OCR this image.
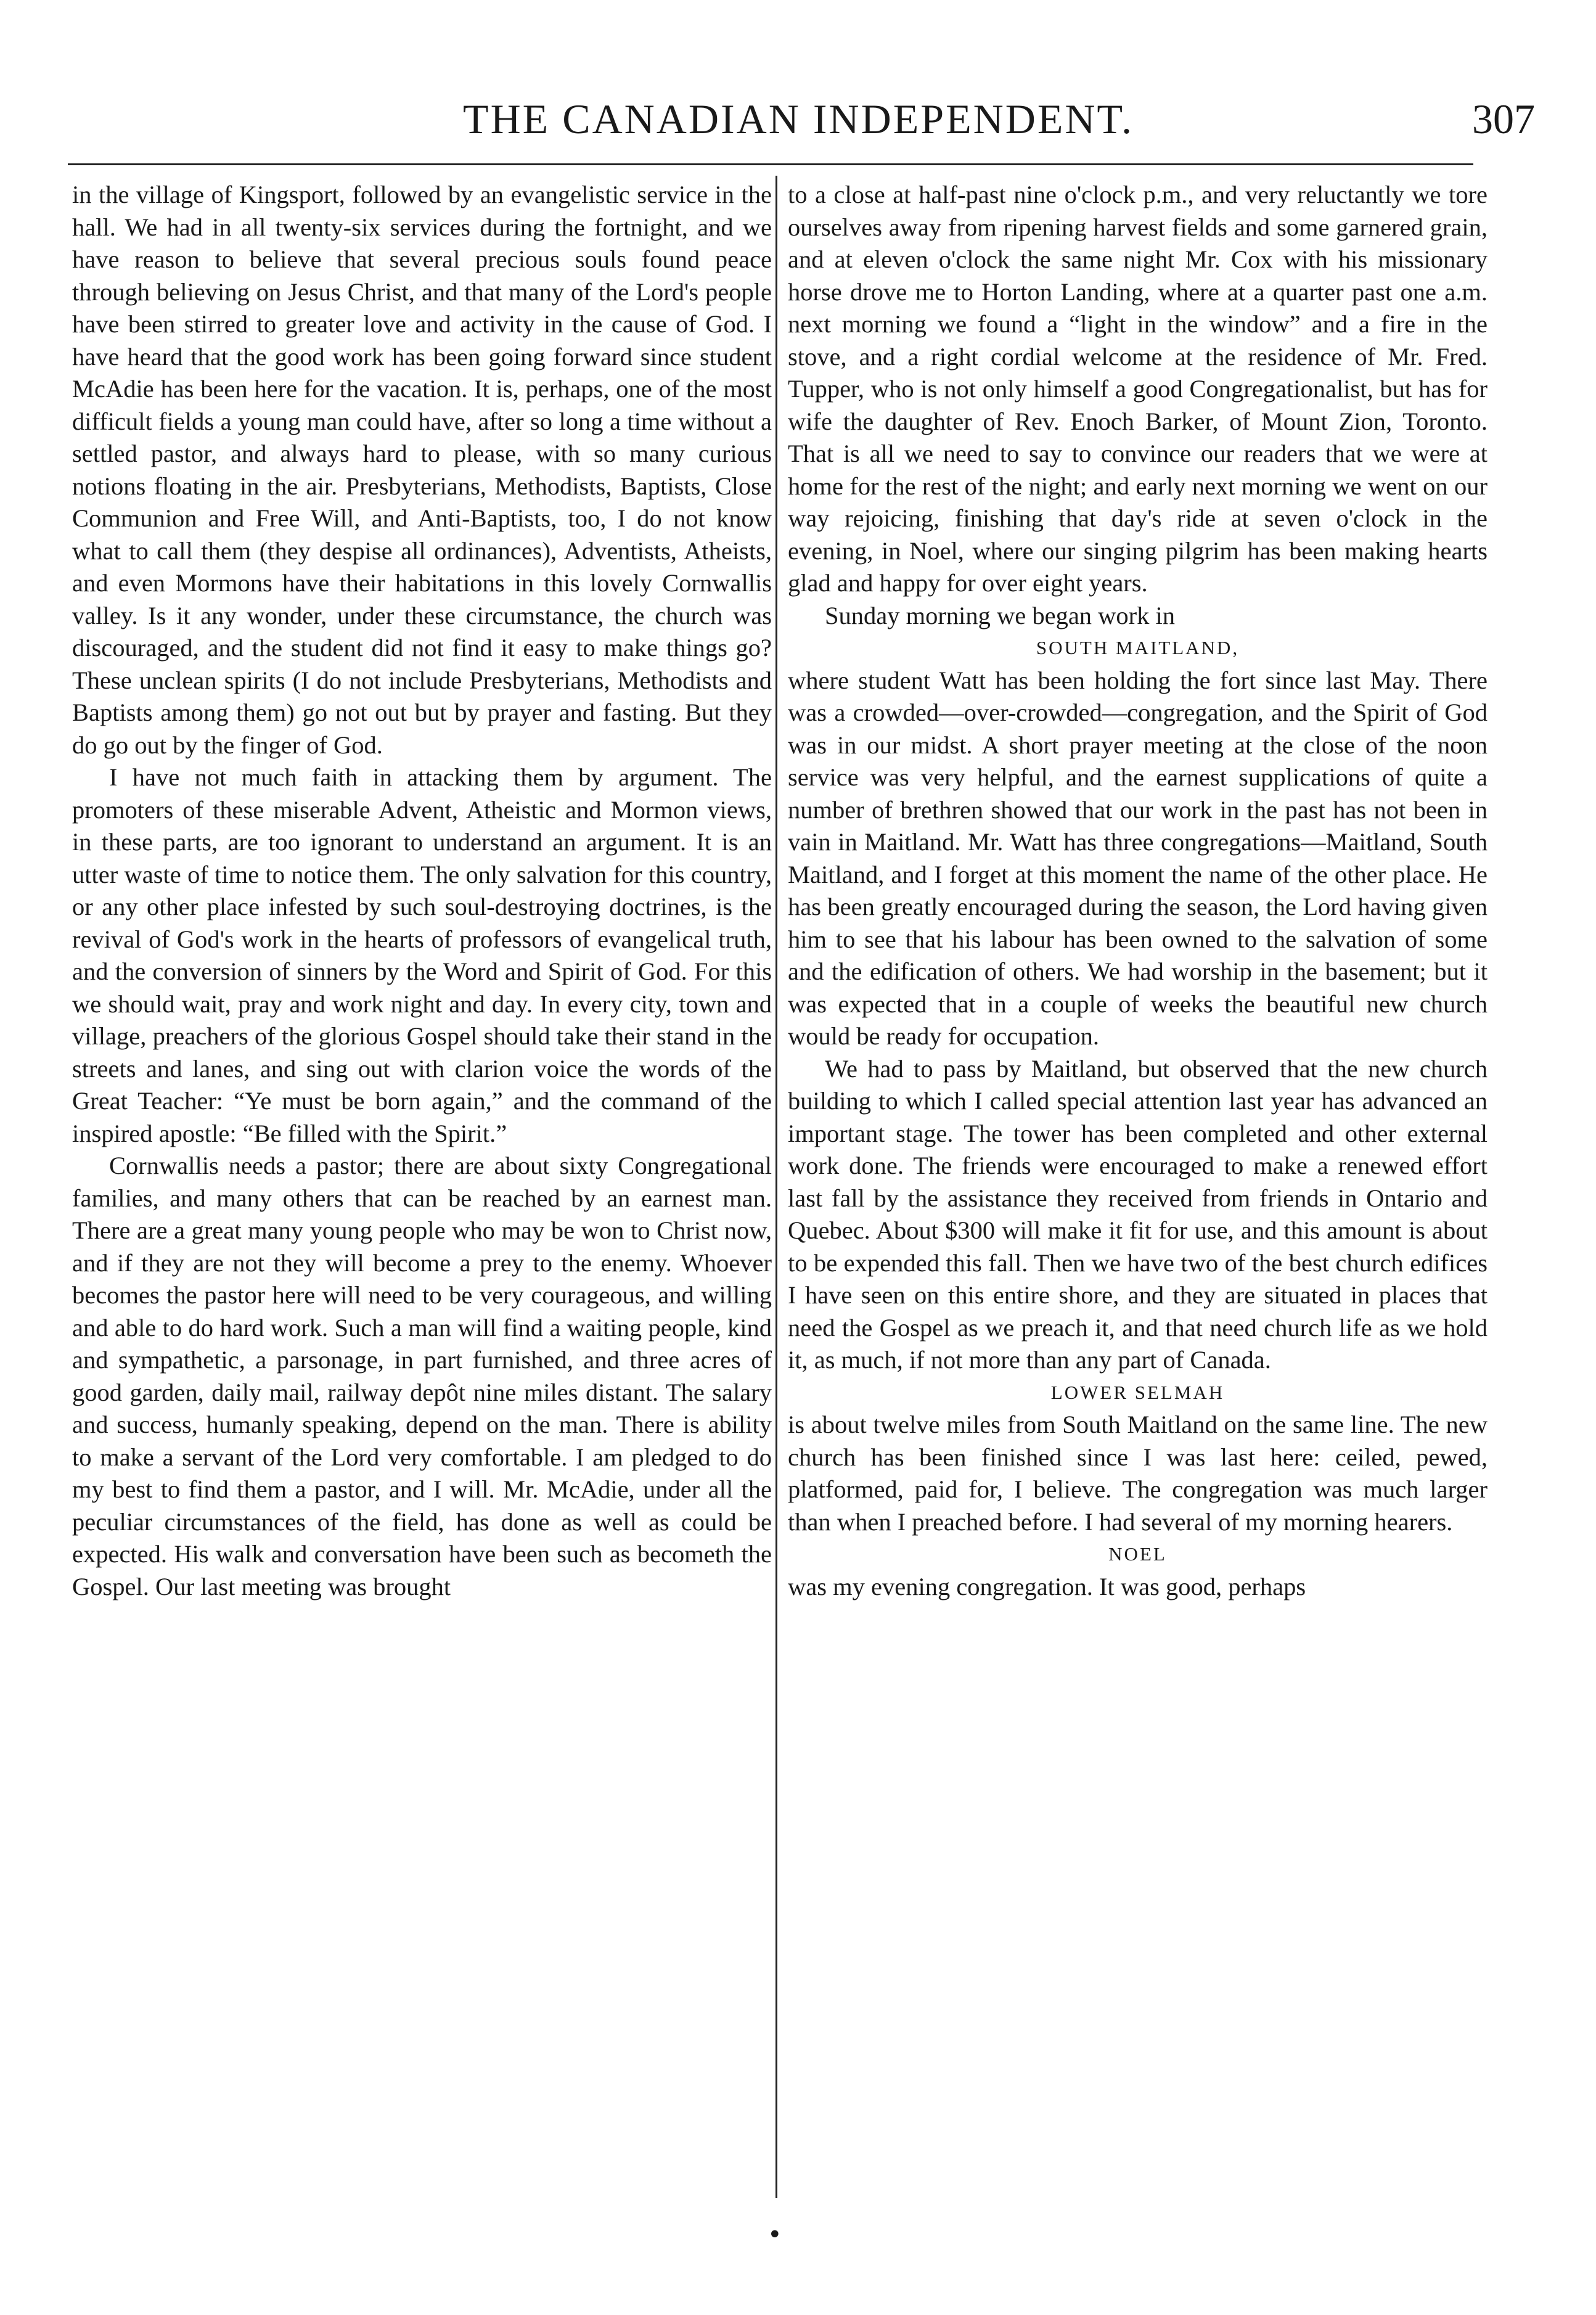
THE CANADIAN INDEPENDENT.	307

in the village of Kingsport, followed by an evangelistic service in the hall. We had in all twenty-six services during the fortnight, and we have reason to believe that several precious souls found peace through believing on Jesus Christ, and that many of the Lord's people have been stirred to greater love and activity in the cause of God. I have heard that the good work has been going forward since student McAdie has been here for the vacation. It is, perhaps, one of the most difficult fields a young man could have, after so long a time without a settled pastor, and always hard to please, with so many curious notions floating in the air. Presbyterians, Methodists, Baptists, Close Communion and Free Will, and Anti-Baptists, too, I do not know what to call them (they despise all ordinances), Adventists, Atheists, and even Mormons have their habitations in this lovely Cornwallis valley. Is it any wonder, under these circumstance, the church was discouraged, and the student did not find it easy to make things go? These unclean spirits (I do not include Presbyterians, Methodists and Baptists among them) go not out but by prayer and fasting. But they do go out by the finger of God.

I have not much faith in attacking them by argument. The promoters of these miserable Advent, Atheistic and Mormon views, in these parts, are too ignorant to understand an argument. It is an utter waste of time to notice them. The only salvation for this country, or any other place infested by such soul-destroying doctrines, is the revival of God's work in the hearts of professors of evangelical truth, and the conversion of sinners by the Word and Spirit of God. For this we should wait, pray and work night and day. In every city, town and village, preachers of the glorious Gospel should take their stand in the streets and lanes, and sing out with clarion voice the words of the Great Teacher: “Ye must be born again,” and the command of the inspired apostle: “Be filled with the Spirit.”

Cornwallis needs a pastor; there are about sixty Congregational families, and many others that can be reached by an earnest man. There are a great many young people who may be won to Christ now, and if they are not they will become a prey to the enemy. Whoever becomes the pastor here will need to be very courageous, and willing and able to do hard work. Such a man will find a waiting people, kind and sympathetic, a parsonage, in part furnished, and three acres of good garden, daily mail, railway depôt nine miles distant. The salary and success, humanly speaking, depend on the man. There is ability to make a servant of the Lord very comfortable. I am pledged to do my best to find them a pastor, and I will. Mr. McAdie, under all the peculiar circumstances of the field, has done as well as could be expected. His walk and conversation have been such as becometh the Gospel. Our last meeting was brought

to a close at half-past nine o'clock p.m., and very reluctantly we tore ourselves away from ripening harvest fields and some garnered grain, and at eleven o'clock the same night Mr. Cox with his missionary horse drove me to Horton Landing, where at a quarter past one a.m. next morning we found a “light in the window” and a fire in the stove, and a right cordial welcome at the residence of Mr. Fred. Tupper, who is not only himself a good Congregationalist, but has for wife the daughter of Rev. Enoch Barker, of Mount Zion, Toronto. That is all we need to say to convince our readers that we were at home for the rest of the night; and early next morning we went on our way rejoicing, finishing that day's ride at seven o'clock in the evening, in Noel, where our singing pilgrim has been making hearts glad and happy for over eight years.

Sunday morning we began work in

SOUTH MAITLAND,

where student Watt has been holding the fort since last May. There was a crowded—over-crowded—congregation, and the Spirit of God was in our midst. A short prayer meeting at the close of the noon service was very helpful, and the earnest supplications of quite a number of brethren showed that our work in the past has not been in vain in Maitland. Mr. Watt has three congregations—Maitland, South Maitland, and I forget at this moment the name of the other place. He has been greatly encouraged during the season, the Lord having given him to see that his labour has been owned to the salvation of some and the edification of others. We had worship in the basement; but it was expected that in a couple of weeks the beautiful new church would be ready for occupation.

We had to pass by Maitland, but observed that the new church building to which I called special attention last year has advanced an important stage. The tower has been completed and other external work done. The friends were encouraged to make a renewed effort last fall by the assistance they received from friends in Ontario and Quebec. About $300 will make it fit for use, and this amount is about to be expended this fall. Then we have two of the best church edifices I have seen on this entire shore, and they are situated in places that need the Gospel as we preach it, and that need church life as we hold it, as much, if not more than any part of Canada.

LOWER SELMAH

is about twelve miles from South Maitland on the same line. The new church has been finished since I was last here: ceiled, pewed, platformed, paid for, I believe. The congregation was much larger than when I preached before. I had several of my morning hearers.

NOEL

was my evening congregation. It was good, perhaps

•
